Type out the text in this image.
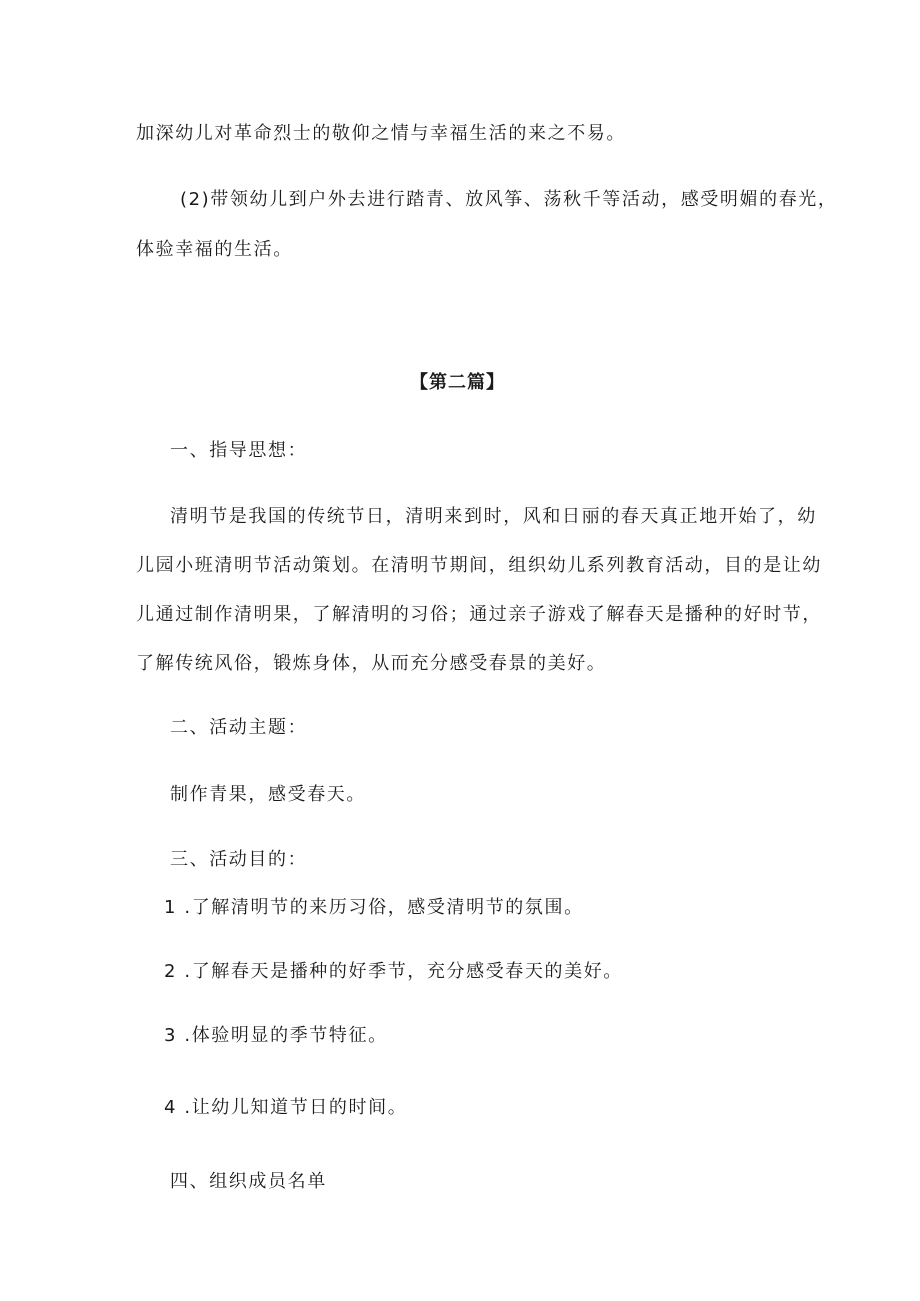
加深幼儿对革命烈士的敬仰之情与幸福生活的来之不易。
(2)带领幼儿到户外去进行踏青、放风筝、荡秋千等活动，感受明媚的春光，
体验幸福的生活。
【第二篇】
一、指导思想：
清明节是我国的传统节日，清明来到时，风和日丽的春天真正地开始了，幼
儿园小班清明节活动策划。在清明节期间，组织幼儿系列教育活动，目的是让幼
儿通过制作清明果，了解清明的习俗；通过亲子游戏了解春天是播种的好时节，
了解传统风俗，锻炼身体，从而充分感受春景的美好。
二、活动主题：
制作青果，感受春天。
三、活动目的：
1 .了解清明节的来历习俗，感受清明节的氛围。
2 .了解春天是播种的好季节，充分感受春天的美好。
3 .体验明显的季节特征。
4 .让幼儿知道节日的时间。
四、组织成员名单
